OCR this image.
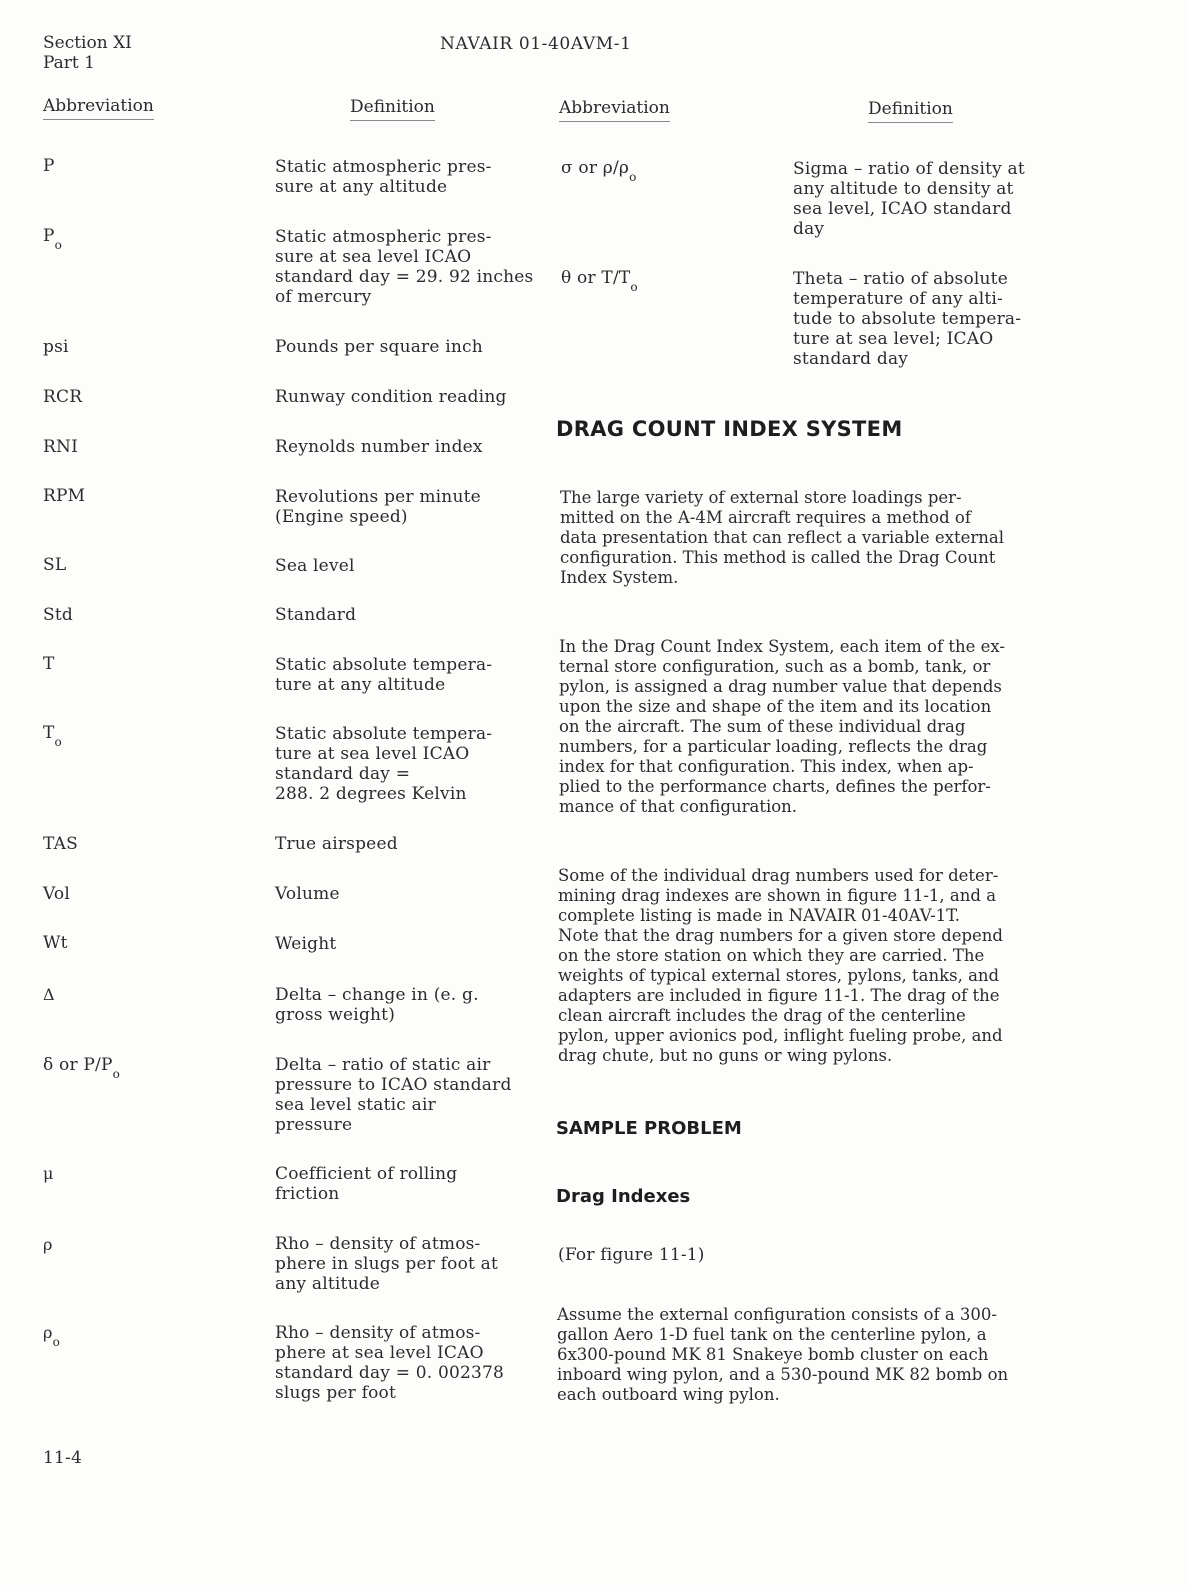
Section XI
Part 1
NAVAIR 01-40AVM-1
Abbreviation	Definition	Abbreviation	Definition
P	Static atmospheric pres-
sure at any altitude
$P_o$	Static atmospheric pres-
sure at sea level ICAO
standard day = 29. 92 inches
of mercury
psi	Pounds per square inch
RCR	Runway condition reading
RNI	Reynolds number index
RPM	Revolutions per minute
(Engine speed)
SL	Sea level
Std	Standard
T	Static absolute tempera-
ture at any altitude
$T_o$	Static absolute tempera-
ture at sea level ICAO
standard day =
288. 2 degrees Kelvin
TAS	True airspeed
Vol	Volume
Wt	Weight
Δ	Delta – change in (e. g.
gross weight)
δ or $P/P_o$	Delta – ratio of static air
pressure to ICAO standard
sea level static air
pressure
μ	Coefficient of rolling
friction
ρ	Rho – density of atmos-
phere in slugs per foot at
any altitude
$\rho_o$	Rho – density of atmos-
phere at sea level ICAO
standard day = 0. 002378
slugs per foot
σ or $\rho/\rho_o$	Sigma – ratio of density at
any altitude to density at
sea level, ICAO standard
day
θ or $T/T_o$	Theta – ratio of absolute
temperature of any alti-
tude to absolute tempera-
ture at sea level; ICAO
standard day
DRAG COUNT INDEX SYSTEM
The large variety of external store loadings per-
mitted on the A-4M aircraft requires a method of
data presentation that can reflect a variable external
configuration. This method is called the Drag Count
Index System.
In the Drag Count Index System, each item of the ex-
ternal store configuration, such as a bomb, tank, or
pylon, is assigned a drag number value that depends
upon the size and shape of the item and its location
on the aircraft. The sum of these individual drag
numbers, for a particular loading, reflects the drag
index for that configuration. This index, when ap-
plied to the performance charts, defines the perfor-
mance of that configuration.
Some of the individual drag numbers used for deter-
mining drag indexes are shown in figure 11-1, and a
complete listing is made in NAVAIR 01-40AV-1T.
Note that the drag numbers for a given store depend
on the store station on which they are carried. The
weights of typical external stores, pylons, tanks, and
adapters are included in figure 11-1. The drag of the
clean aircraft includes the drag of the centerline
pylon, upper avionics pod, inflight fueling probe, and
drag chute, but no guns or wing pylons.
SAMPLE PROBLEM
Drag Indexes
(For figure 11-1)
Assume the external configuration consists of a 300-
gallon Aero 1-D fuel tank on the centerline pylon, a
6x300-pound MK 81 Snakeye bomb cluster on each
inboard wing pylon, and a 530-pound MK 82 bomb on
each outboard wing pylon.
11-4
